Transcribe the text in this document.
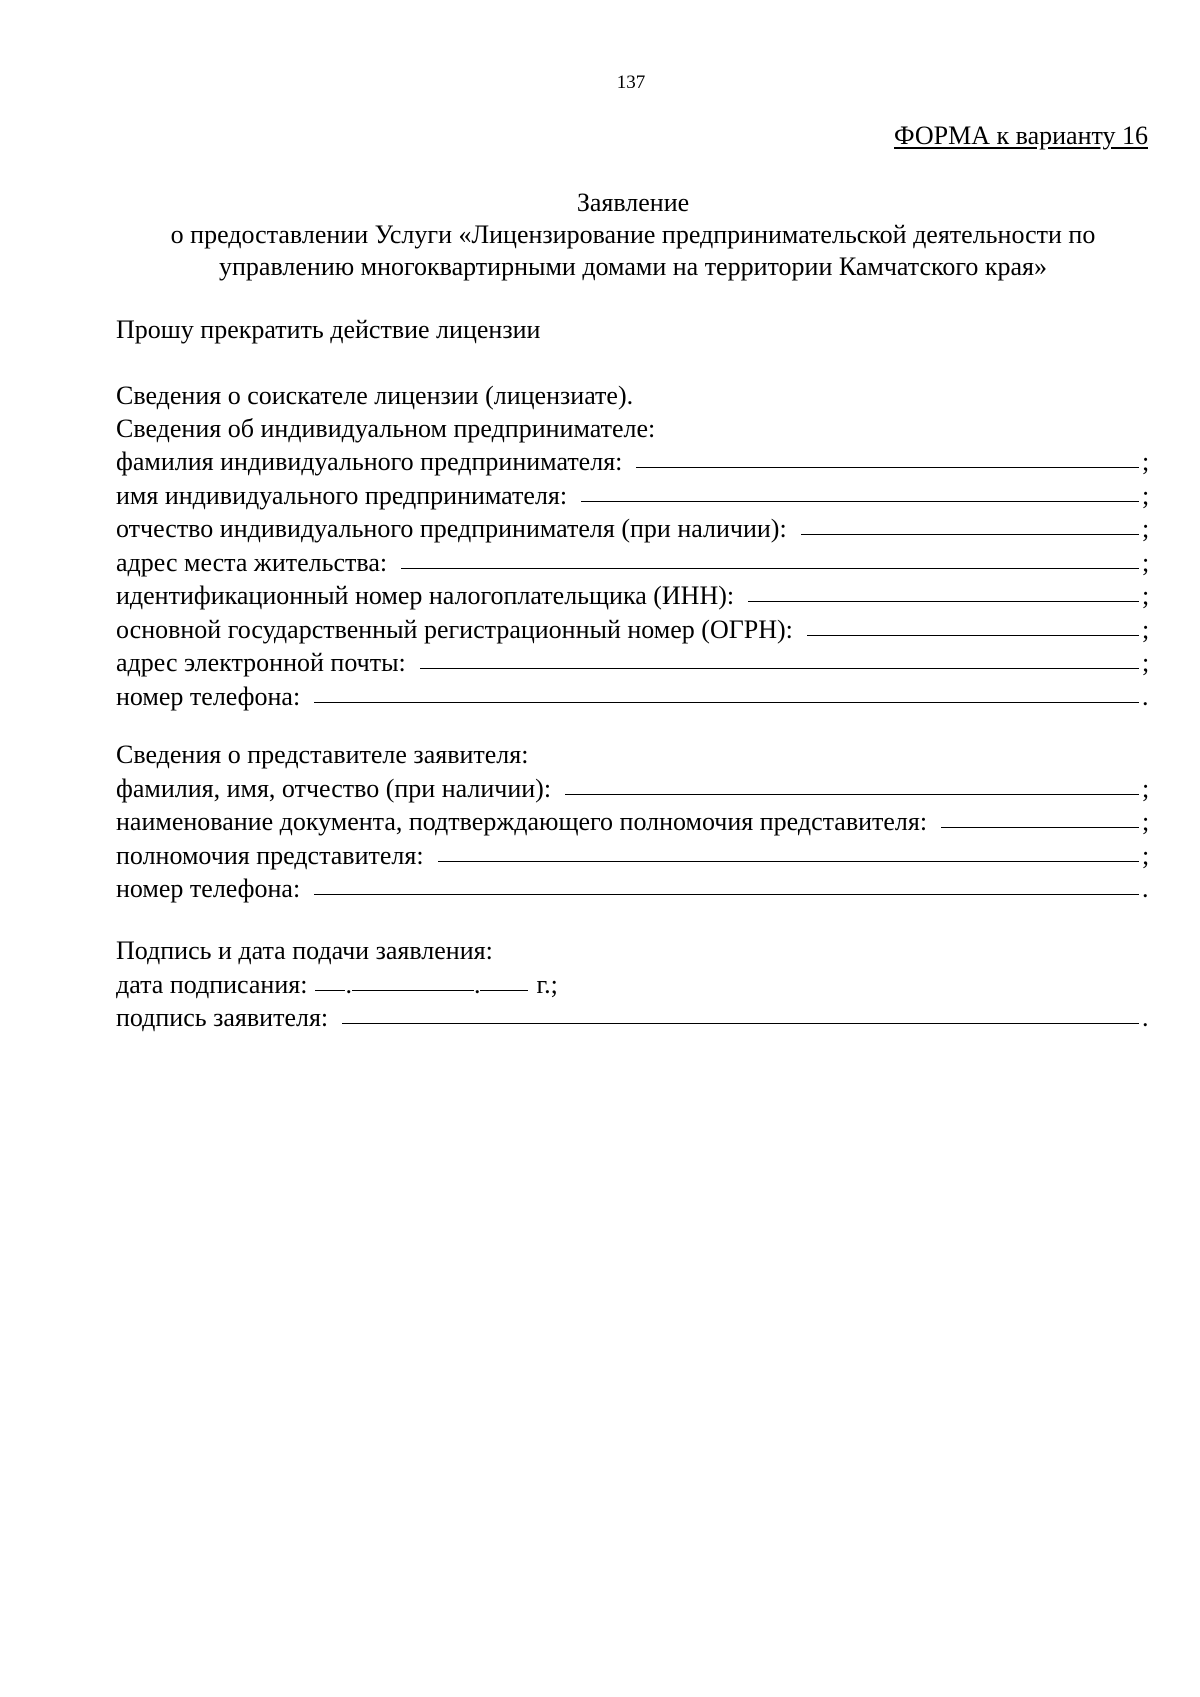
137
ФОРМА к варианту 16
Заявление
о предоставлении Услуги «Лицензирование предпринимательской деятельности по
управлению многоквартирными домами на территории Камчатского края»
Прошу прекратить действие лицензии
Сведения о соискателе лицензии (лицензиате).
Сведения об индивидуальном предпринимателе:
фамилия индивидуального предпринимателя:	;
имя индивидуального предпринимателя:	;
отчество индивидуального предпринимателя (при наличии):	;
адрес места жительства:	;
идентификационный номер налогоплательщика (ИНН):	;
основной государственный регистрационный номер (ОГРН):	;
адрес электронной почты:	;
номер телефона:	.
Сведения о представителе заявителя:
фамилия, имя, отчество (при наличии):	;
наименование документа, подтверждающего полномочия представителя:	;
полномочия представителя:	;
номер телефона:	.
Подпись и дата подачи заявления:
дата подписания: .	. г.;
подпись заявителя:	.
